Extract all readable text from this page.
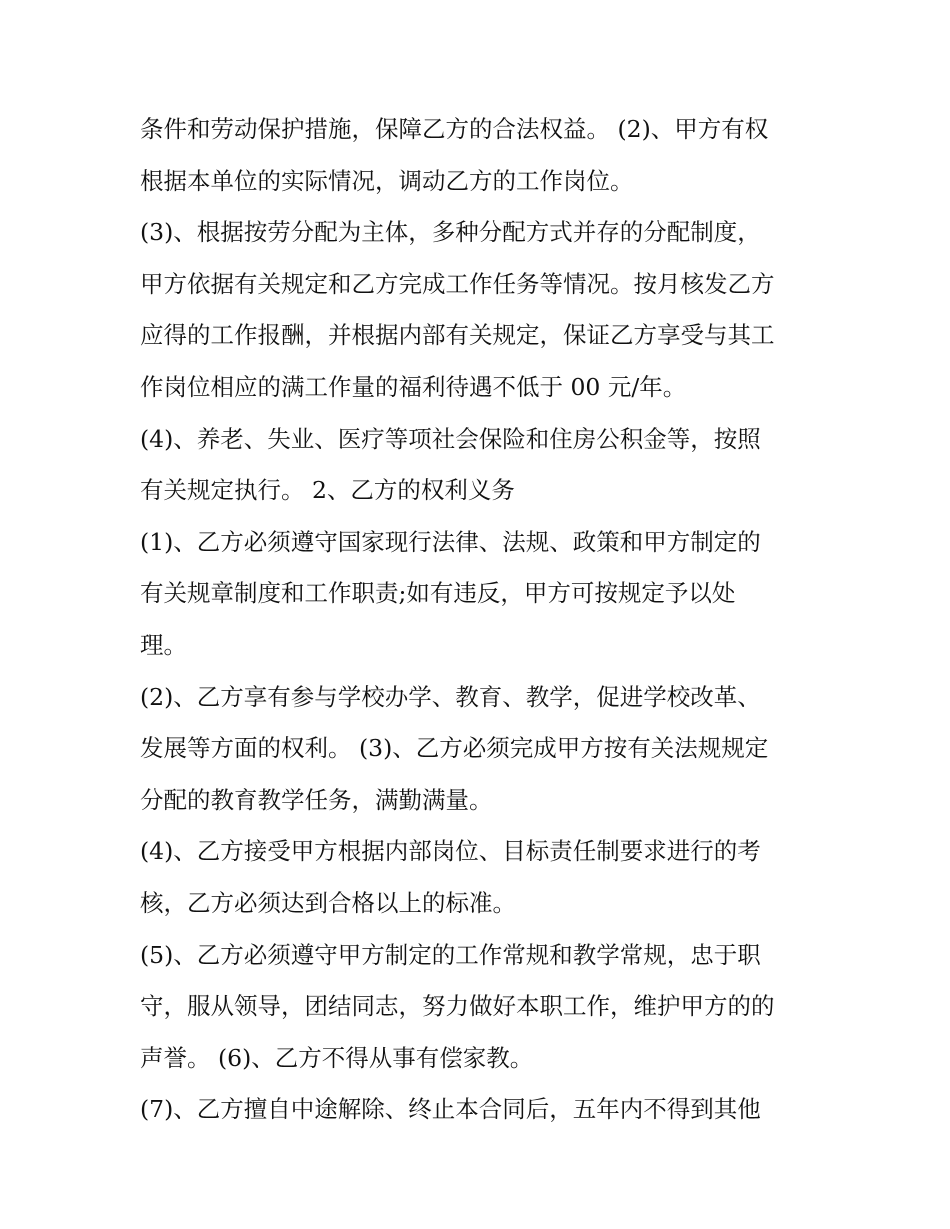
条件和劳动保护措施，保障乙方的合法权益。 (2)、甲方有权
根据本单位的实际情况，调动乙方的工作岗位。
(3)、根据按劳分配为主体，多种分配方式并存的分配制度，
甲方依据有关规定和乙方完成工作任务等情况。按月核发乙方
应得的工作报酬，并根据内部有关规定，保证乙方享受与其工
作岗位相应的满工作量的福利待遇不低于 00 元/年。
(4)、养老、失业、医疗等项社会保险和住房公积金等，按照
有关规定执行。 2、乙方的权利义务
(1)、乙方必须遵守国家现行法律、法规、政策和甲方制定的
有关规章制度和工作职责;如有违反，甲方可按规定予以处
理。
(2)、乙方享有参与学校办学、教育、教学，促进学校改革、
发展等方面的权利。 (3)、乙方必须完成甲方按有关法规规定
分配的教育教学任务，满勤满量。
(4)、乙方接受甲方根据内部岗位、目标责任制要求进行的考
核，乙方必须达到合格以上的标准。
(5)、乙方必须遵守甲方制定的工作常规和教学常规，忠于职
守，服从领导，团结同志，努力做好本职工作，维护甲方的的
声誉。 (6)、乙方不得从事有偿家教。
(7)、乙方擅自中途解除、终止本合同后，五年内不得到其他
